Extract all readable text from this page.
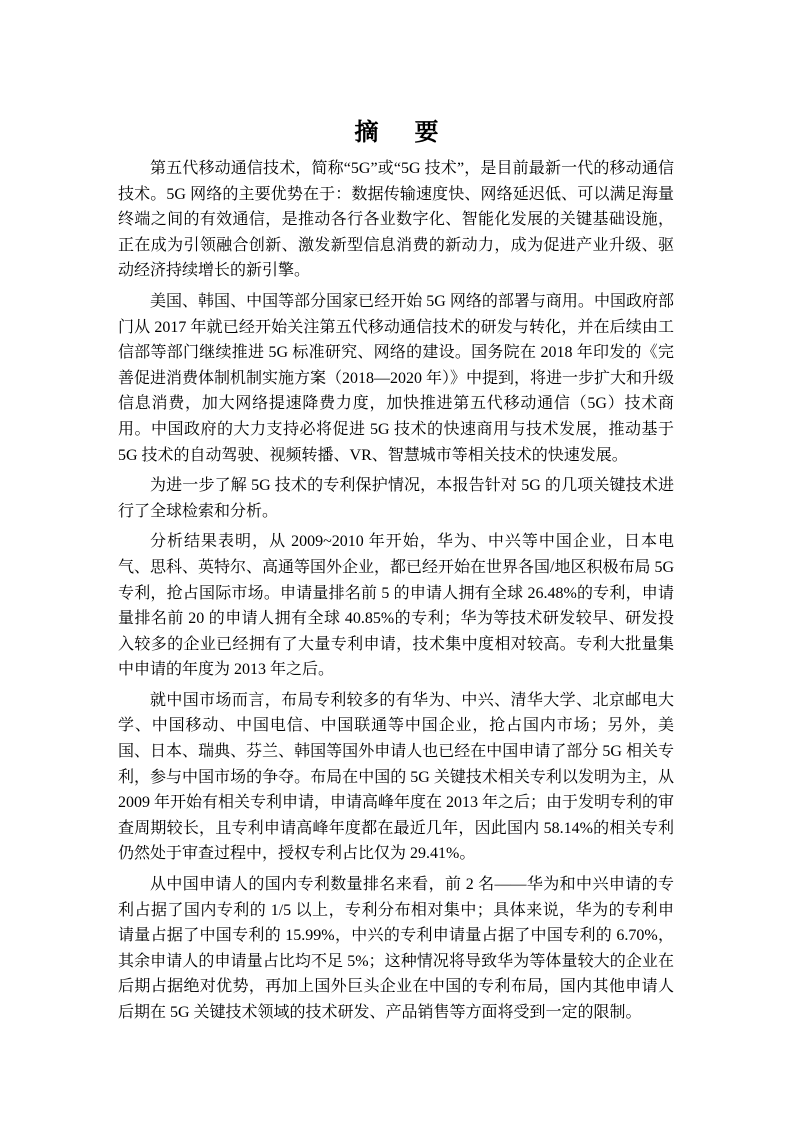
摘要

第五代移动通信技术，简称“5G”或“5G 技术”，是目前最新一代的移动通信技术。5G 网络的主要优势在于：数据传输速度快、网络延迟低、可以满足海量终端之间的有效通信，是推动各行各业数字化、智能化发展的关键基础设施，正在成为引领融合创新、激发新型信息消费的新动力，成为促进产业升级、驱动经济持续增长的新引擎。

美国、韩国、中国等部分国家已经开始 5G 网络的部署与商用。中国政府部门从 2017 年就已经开始关注第五代移动通信技术的研发与转化，并在后续由工信部等部门继续推进 5G 标准研究、网络的建设。国务院在 2018 年印发的《完善促进消费体制机制实施方案（2018—2020 年）》中提到，将进一步扩大和升级信息消费，加大网络提速降费力度，加快推进第五代移动通信（5G）技术商用。中国政府的大力支持必将促进 5G 技术的快速商用与技术发展，推动基于 5G 技术的自动驾驶、视频转播、VR、智慧城市等相关技术的快速发展。

为进一步了解 5G 技术的专利保护情况，本报告针对 5G 的几项关键技术进行了全球检索和分析。

分析结果表明，从 2009~2010 年开始，华为、中兴等中国企业，日本电气、思科、英特尔、高通等国外企业，都已经开始在世界各国/地区积极布局 5G 专利，抢占国际市场。申请量排名前 5 的申请人拥有全球 26.48%的专利，申请量排名前 20 的申请人拥有全球 40.85%的专利；华为等技术研发较早、研发投入较多的企业已经拥有了大量专利申请，技术集中度相对较高。专利大批量集中申请的年度为 2013 年之后。

就中国市场而言，布局专利较多的有华为、中兴、清华大学、北京邮电大学、中国移动、中国电信、中国联通等中国企业，抢占国内市场；另外，美国、日本、瑞典、芬兰、韩国等国外申请人也已经在中国申请了部分 5G 相关专利，参与中国市场的争夺。布局在中国的 5G 关键技术相关专利以发明为主，从 2009 年开始有相关专利申请，申请高峰年度在 2013 年之后；由于发明专利的审查周期较长，且专利申请高峰年度都在最近几年，因此国内 58.14%的相关专利仍然处于审查过程中，授权专利占比仅为 29.41%。

从中国申请人的国内专利数量排名来看，前 2 名——华为和中兴申请的专利占据了国内专利的 1/5 以上，专利分布相对集中；具体来说，华为的专利申请量占据了中国专利的 15.99%，中兴的专利申请量占据了中国专利的 6.70%，其余申请人的申请量占比均不足 5%；这种情况将导致华为等体量较大的企业在后期占据绝对优势，再加上国外巨头企业在中国的专利布局，国内其他申请人后期在 5G 关键技术领域的技术研发、产品销售等方面将受到一定的限制。
